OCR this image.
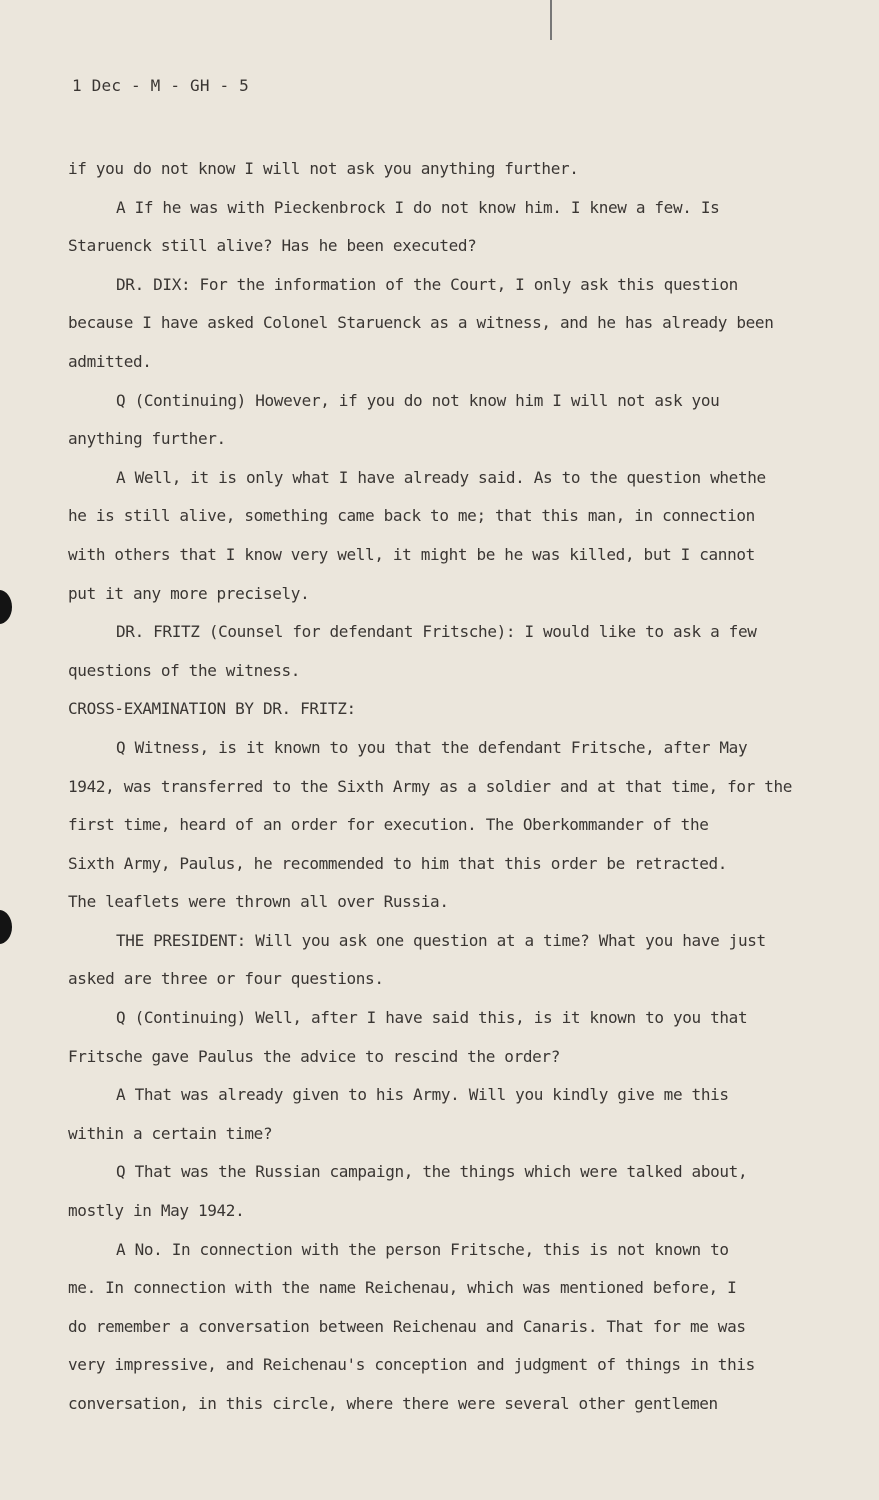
1 Dec - M - GH - 5
if you do not know I will not ask you anything further.
A If he was with Pieckenbrock I do not know him. I knew a few. Is
Staruenck still alive? Has he been executed?
DR. DIX: For the information of the Court, I only ask this question
because I have asked Colonel Staruenck as a witness, and he has already been
admitted.
Q (Continuing) However, if you do not know him I will not ask you
anything further.
A Well, it is only what I have already said. As to the question whethe
he is still alive, something came back to me; that this man, in connection
with others that I know very well, it might be he was killed, but I cannot
put it any more precisely.
DR. FRITZ (Counsel for defendant Fritsche): I would like to ask a few
questions of the witness.
CROSS-EXAMINATION BY DR. FRITZ:
Q Witness, is it known to you that the defendant Fritsche, after May
1942, was transferred to the Sixth Army as a soldier and at that time, for the
first time, heard of an order for execution. The Oberkommander of the
Sixth Army, Paulus, he recommended to him that this order be retracted.
The leaflets were thrown all over Russia.
THE PRESIDENT: Will you ask one question at a time? What you have just
asked are three or four questions.
Q (Continuing) Well, after I have said this, is it known to you that
Fritsche gave Paulus the advice to rescind the order?
A That was already given to his Army. Will you kindly give me this
within a certain time?
Q That was the Russian campaign, the things which were talked about,
mostly in May 1942.
A No. In connection with the person Fritsche, this is not known to
me. In connection with the name Reichenau, which was mentioned before, I
do remember a conversation between Reichenau and Canaris. That for me was
very impressive, and Reichenau's conception and judgment of things in this
conversation, in this circle, where there were several other gentlemen
